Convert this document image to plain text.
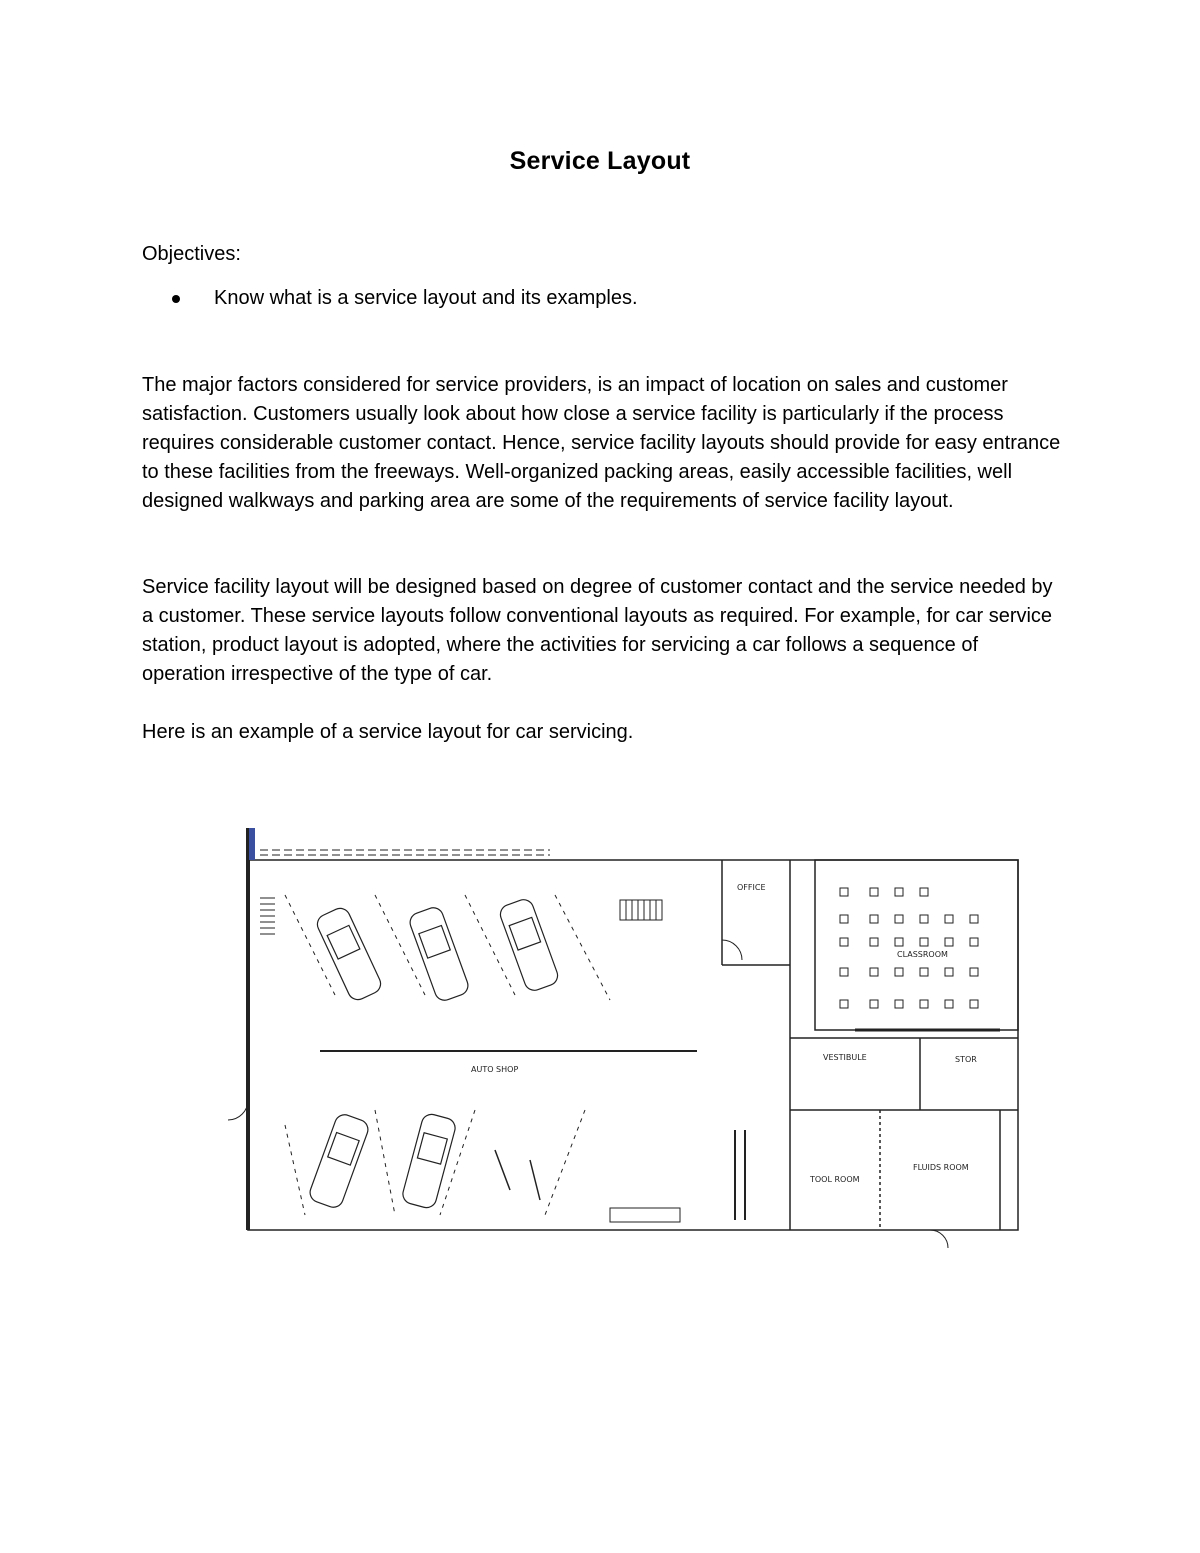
Service Layout
Objectives:
Know what is a service layout and its examples.

The major factors considered for service providers, is an impact of location on sales and customer satisfaction. Customers usually look about how close a service facility is particularly if the process requires considerable customer contact. Hence, service facility layouts should provide for easy entrance to these facilities from the freeways. Well-organized packing areas, easily accessible facilities, well designed walkways and parking area are some of the requirements of service facility layout.

Service facility layout will be designed based on degree of customer contact and the service needed by a customer. These service layouts follow conventional layouts as required. For example, for car service station, product layout is adopted, where the activities for servicing a car follows a sequence of operation irrespective of the type of car.

Here is an example of a service layout for car servicing.

OFFICE
CLASSROOM
AUTO SHOP
VESTIBULE	STOR
TOOL ROOM
FLUIDS ROOM
